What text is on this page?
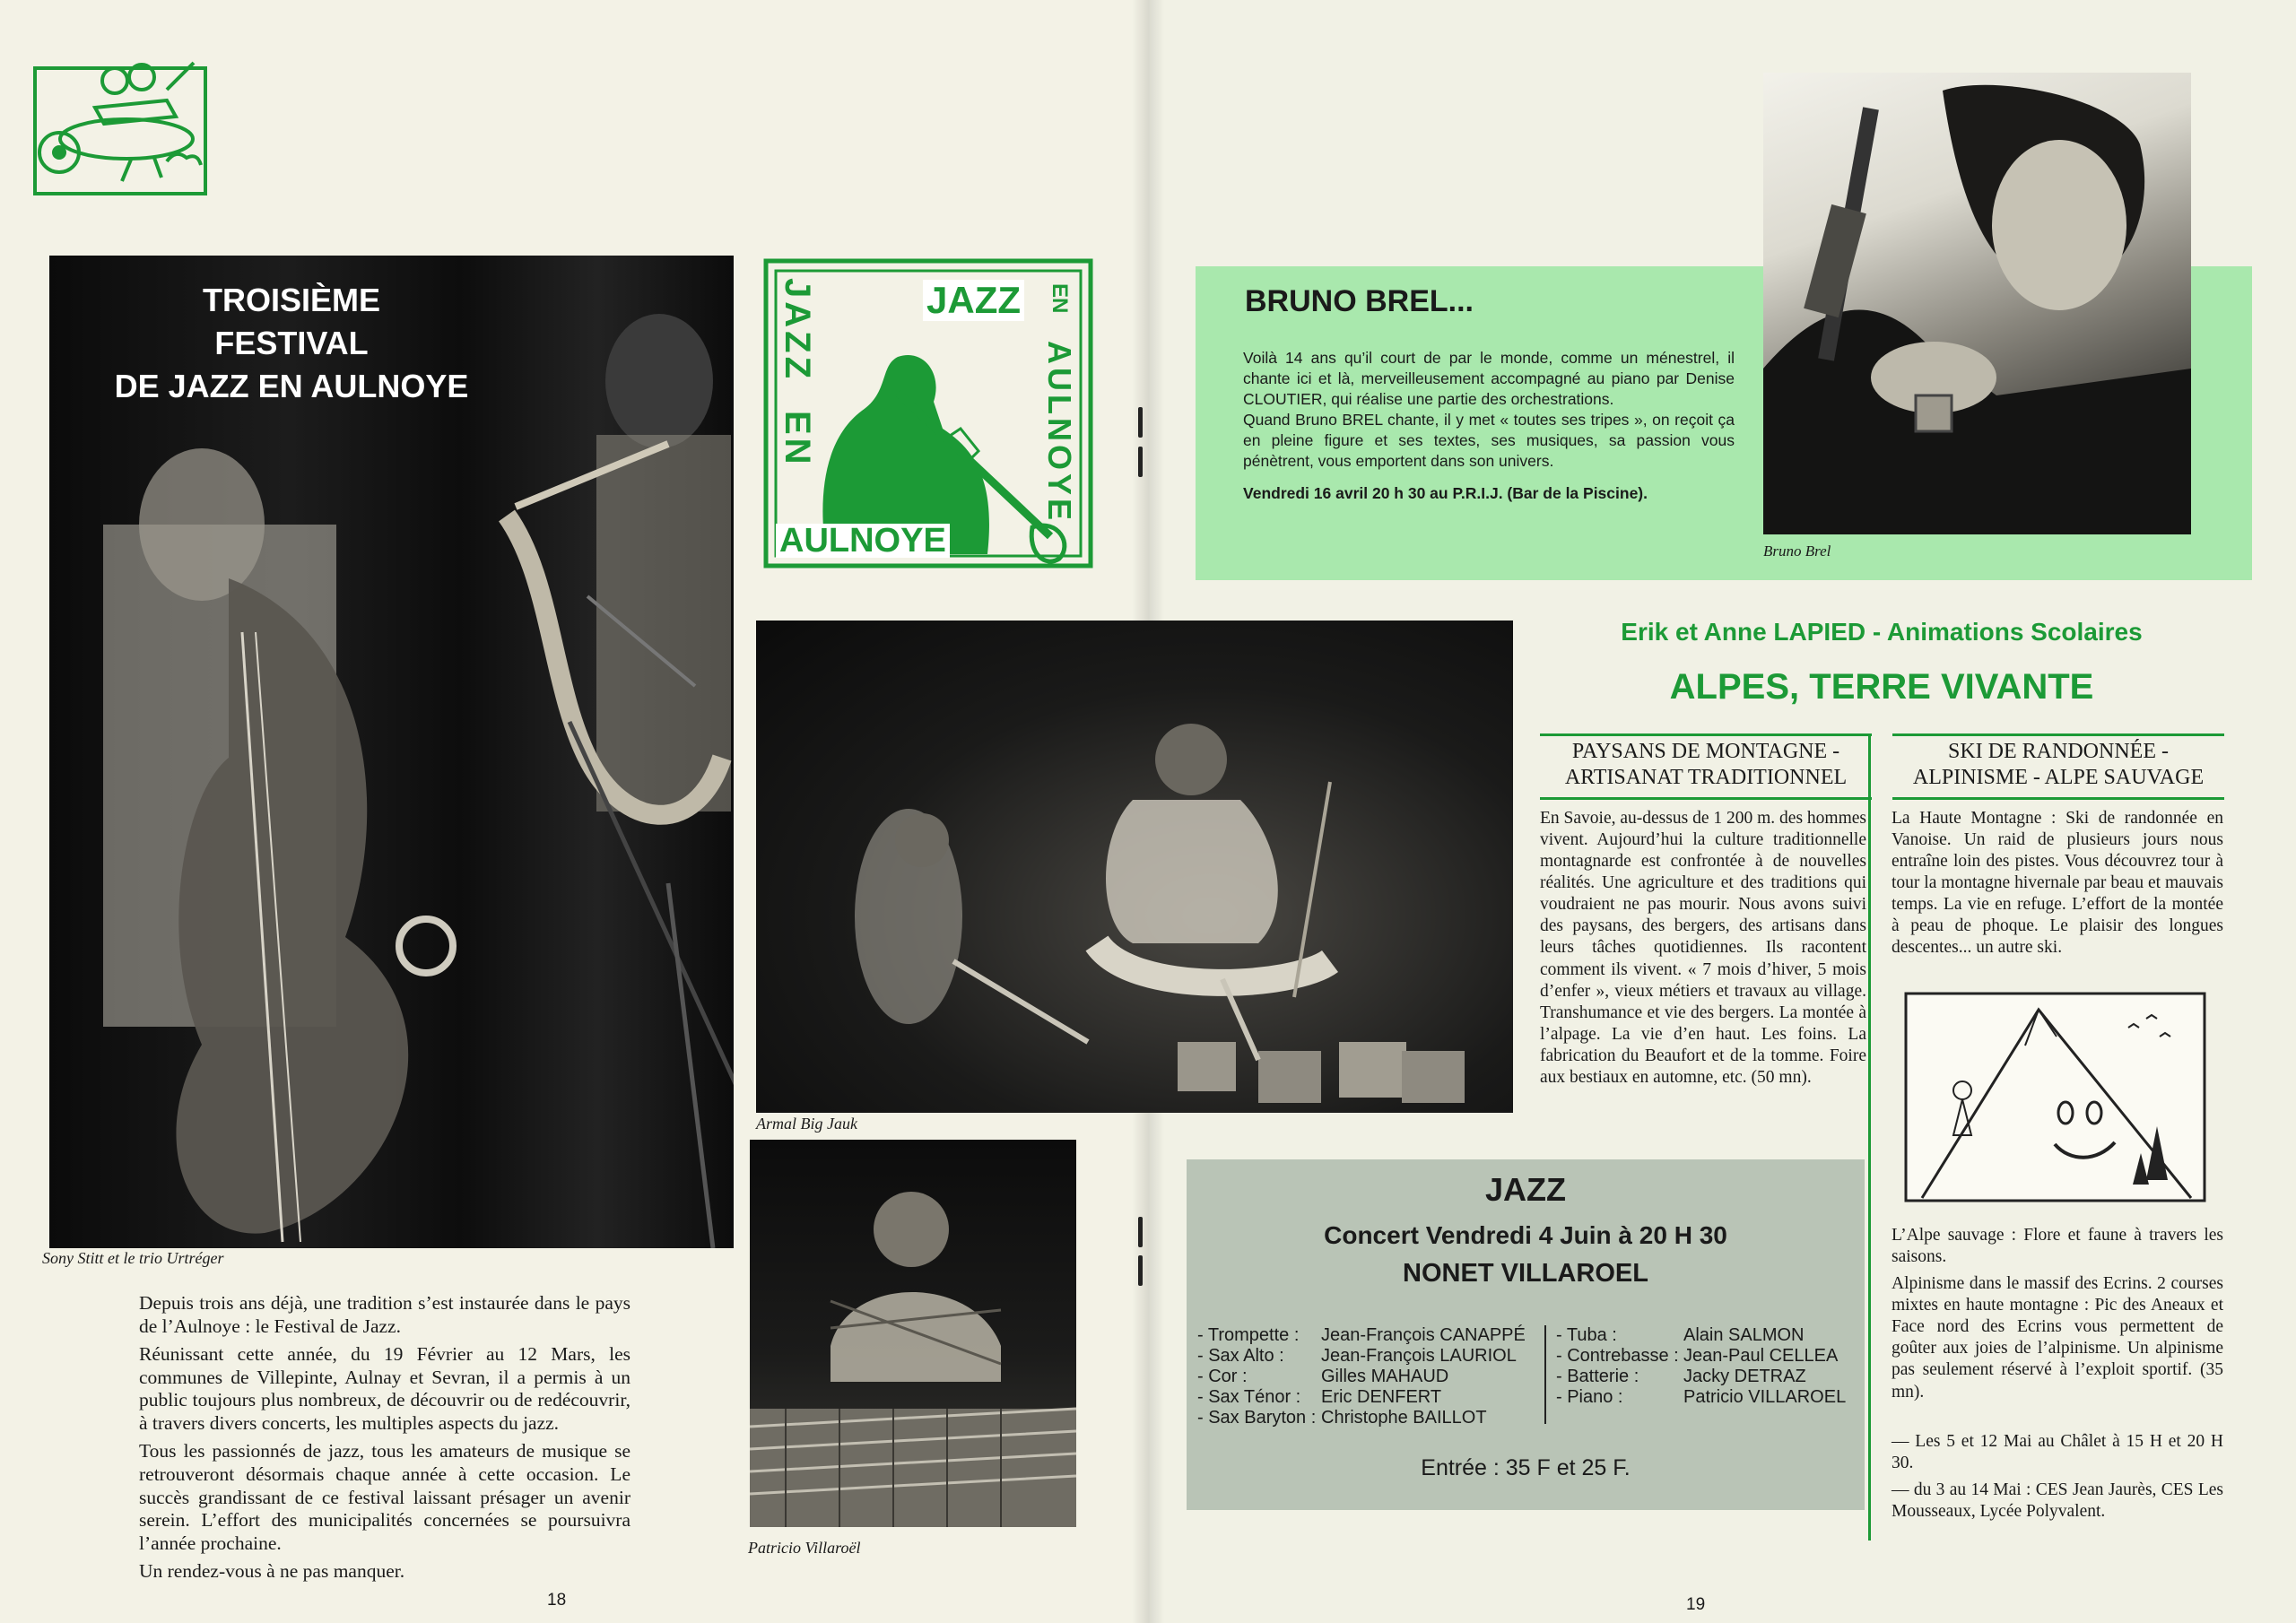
TROISIÈME
FESTIVAL
DE JAZZ EN AULNOYE
Sony Stitt et le trio Urtréger

Depuis trois ans déjà, une tradition s’est instaurée dans le pays de l’Aulnoye : le Festival de Jazz.

Réunissant cette année, du 19 Février au 12 Mars, les communes de Villepinte, Aulnay et Sevran, il a permis à un public toujours plus nombreux, de découvrir ou de redécouvrir, à travers divers concerts, les multiples aspects du jazz.

Tous les passionnés de jazz, tous les amateurs de musique se retrouveront désormais chaque année à cette occasion. Le succès grandissant de ce festival laissant présager un avenir serein. L’effort des municipalités concernées se poursuivra l’année prochaine.

Un rendez-vous à ne pas manquer.

18
JAZZ EN
AULNOYE
JAZZ
EN
AULNOYE
Armal Big Jauk
Patricio Villaroël
BRUNO BREL...
Voilà 14 ans qu’il court de par le monde, comme un ménestrel, il chante ici et là, merveilleusement accompagné au piano par Denise CLOUTIER, qui réalise une partie des orchestrations.
Quand Bruno BREL chante, il y met « toutes ses tripes », on reçoit ça en pleine figure et ses textes, ses musiques, sa passion vous pénètrent, vous emportent dans son univers.
Vendredi 16 avril 20 h 30 au P.R.I.J. (Bar de la Piscine).
Bruno Brel
Erik et Anne LAPIED - Animations Scolaires
ALPES, TERRE VIVANTE
PAYSANS DE MONTAGNE - ARTISANAT TRADITIONNEL
En Savoie, au-dessus de 1 200 m. des hommes vivent. Aujourd’hui la culture traditionnelle montagnarde est confrontée à de nouvelles réalités. Une agriculture et des traditions qui voudraient ne pas mourir. Nous avons suivi des paysans, des bergers, des artisans dans leurs tâches quotidiennes. Ils racontent comment ils vivent. « 7 mois d’hiver, 5 mois d’enfer », vieux métiers et travaux au village. Transhumance et vie des bergers. La montée à l’alpage. La vie d’en haut. Les foins. La fabrication du Beaufort et de la tomme. Foire aux bestiaux en automne, etc. (50 mn).
SKI DE RANDONNÉE - ALPINISME - ALPE SAUVAGE
La Haute Montagne : Ski de randonnée en Vanoise. Un raid de plusieurs jours nous entraîne loin des pistes. Vous découvrez tour à tour la montagne hivernale par beau et mauvais temps. La vie en refuge. L’effort de la montée à peau de phoque. Le plaisir des longues descentes... un autre ski.

L’Alpe sauvage : Flore et faune à travers les saisons.

Alpinisme dans le massif des Ecrins. 2 courses mixtes en haute montagne : Pic des Aneaux et Face nord des Ecrins vous permettent de goûter aux joies de l’alpinisme. Un alpinisme pas seulement réservé à l’exploit sportif. (35 mn).

— Les 5 et 12 Mai au Châlet à 15 H et 20 H 30.

— du 3 au 14 Mai : CES Jean Jaurès, CES Les Mousseaux, Lycée Polyvalent.

JAZZ
Concert Vendredi 4 Juin à 20 H 30
NONET VILLAROEL
- Trompette :	Jean-François CANAPPÉ
- Sax Alto :	Jean-François LAURIOL
- Cor :	Gilles MAHAUD
- Sax Ténor :	Eric DENFERT
- Sax Baryton : Christophe BAILLOT
- Tuba :	Alain SALMON
- Contrebasse : Jean-Paul CELLEA
- Batterie :	Jacky DETRAZ
- Piano :	Patricio VILLAROEL
Entrée : 35 F et 25 F.
19
